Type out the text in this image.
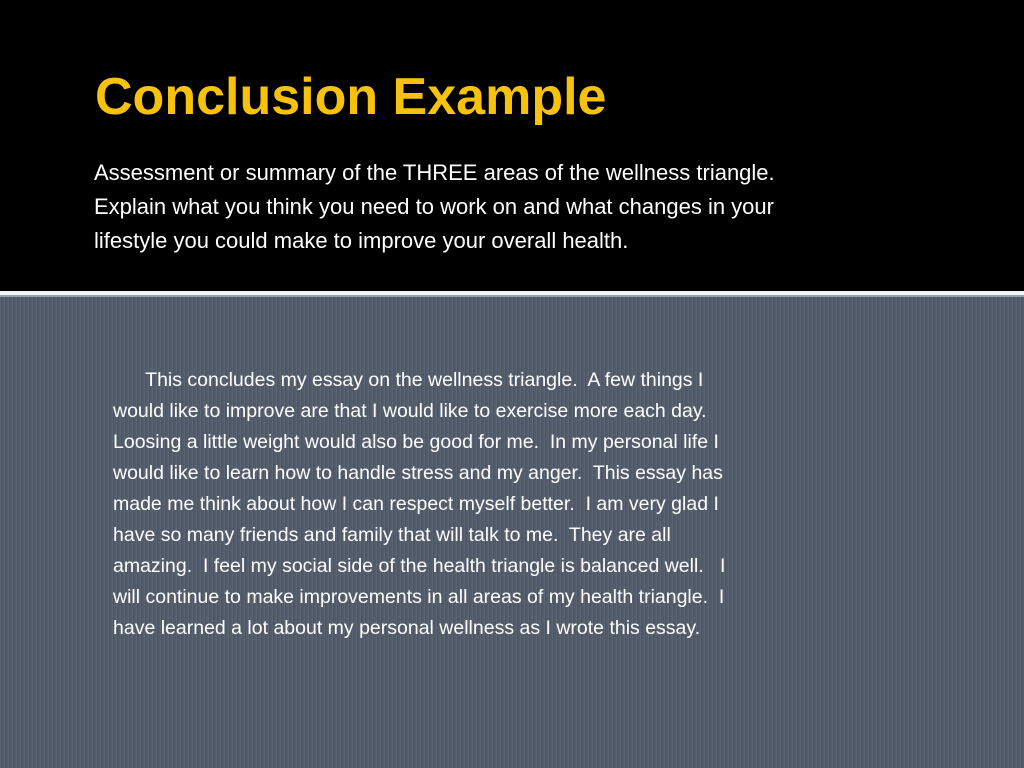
Conclusion Example

Assessment or summary of the THREE areas of the wellness triangle.
Explain what you think you need to work on and what changes in your
lifestyle you could make to improve your overall health.

This concludes my essay on the wellness triangle.  A few things I
would like to improve are that I would like to exercise more each day.
Loosing a little weight would also be good for me.  In my personal life I
would like to learn how to handle stress and my anger.  This essay has
made me think about how I can respect myself better.  I am very glad I
have so many friends and family that will talk to me.  They are all
amazing.  I feel my social side of the health triangle is balanced well.   I
will continue to make improvements in all areas of my health triangle.  I
have learned a lot about my personal wellness as I wrote this essay.
